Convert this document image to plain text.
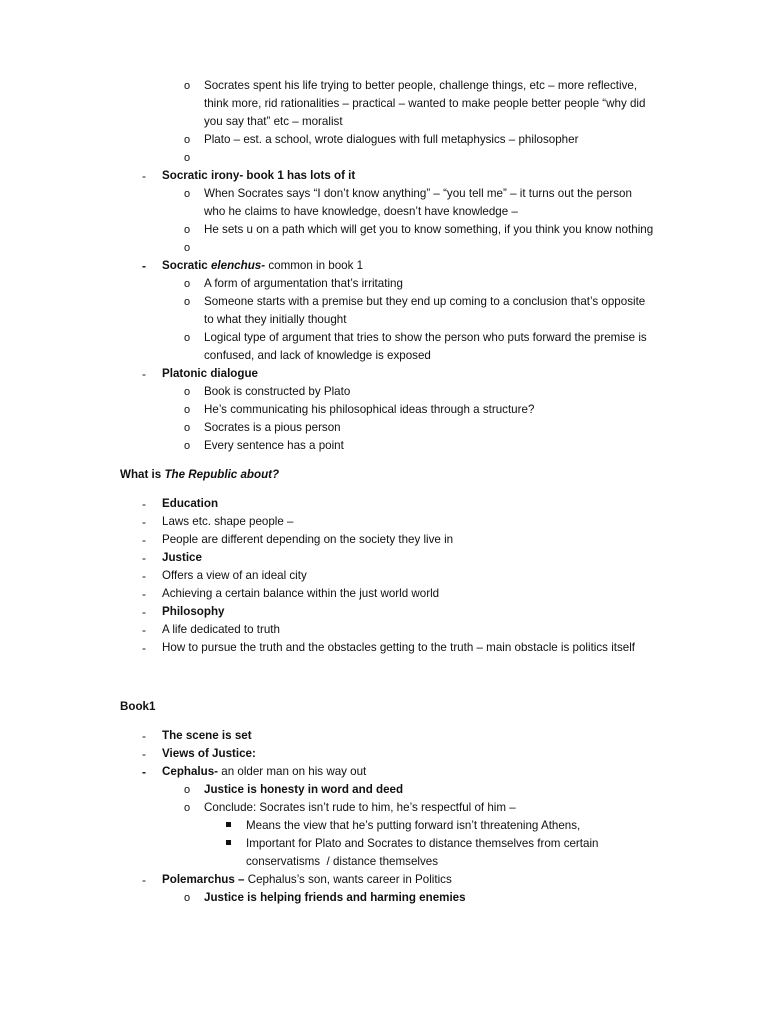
o	Socrates spent his life trying to better people, challenge things, etc – more reflective,
think more, rid rationalities – practical – wanted to make people better people “why did
you say that” etc – moralist
o	Plato – est. a school, wrote dialogues with full metaphysics – philosopher
o
-	Socratic irony- book 1 has lots of it
o	When Socrates says “I don’t know anything” – “you tell me” – it turns out the person
who he claims to have knowledge, doesn’t have knowledge –
o	He sets u on a path which will get you to know something, if you think you know nothing
o
-	Socratic elenchus- common in book 1
o	A form of argumentation that’s irritating
o	Someone starts with a premise but they end up coming to a conclusion that’s opposite
to what they initially thought
o	Logical type of argument that tries to show the person who puts forward the premise is
confused, and lack of knowledge is exposed
-	Platonic dialogue
o	Book is constructed by Plato
o	He’s communicating his philosophical ideas through a structure?
o	Socrates is a pious person
o	Every sentence has a point
What is The Republic about?
-	Education
-	Laws etc. shape people –
-	People are different depending on the society they live in
-	Justice
-	Offers a view of an ideal city
-	Achieving a certain balance within the just world world
-	Philosophy
-	A life dedicated to truth
-	How to pursue the truth and the obstacles getting to the truth – main obstacle is politics itself
Book1
-	The scene is set
-	Views of Justice:
-	Cephalus- an older man on his way out
o	Justice is honesty in word and deed
o	Conclude: Socrates isn’t rude to him, he’s respectful of him –
Means the view that he’s putting forward isn’t threatening Athens,
Important for Plato and Socrates to distance themselves from certain
conservatisms  / distance themselves
-	Polemarchus – Cephalus’s son, wants career in Politics
o	Justice is helping friends and harming enemies
